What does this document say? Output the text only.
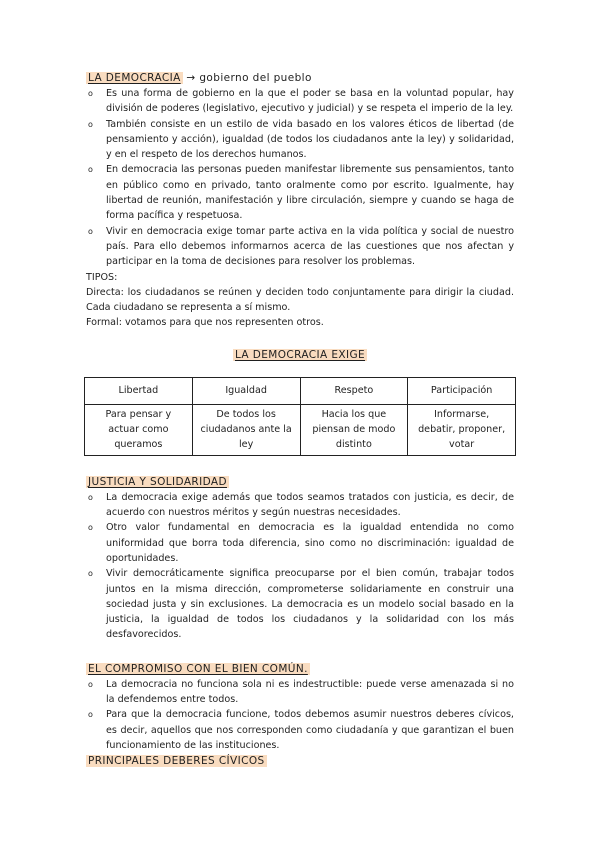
LA DEMOCRACIA → gobierno del pueblo

o Es una forma de gobierno en la que el poder se basa en la voluntad popular, hay división de poderes (legislativo, ejecutivo y judicial) y se respeta el imperio de la ley.
o También consiste en un estilo de vida basado en los valores éticos de libertad (de pensamiento y acción), igualdad (de todos los ciudadanos ante la ley) y solidaridad, y en el respeto de los derechos humanos.
o En democracia las personas pueden manifestar libremente sus pensamientos, tanto en público como en privado, tanto oralmente como por escrito. Igualmente, hay libertad de reunión, manifestación y libre circulación, siempre y cuando se haga de forma pacífica y respetuosa.
o Vivir en democracia exige tomar parte activa en la vida política y social de nuestro país. Para ello debemos informarnos acerca de las cuestiones que nos afectan y participar en la toma de decisiones para resolver los problemas.

TIPOS:

Directa: los ciudadanos se reúnen y deciden todo conjuntamente para dirigir la ciudad. Cada ciudadano se representa a sí mismo.

Formal: votamos para que nos representen otros.

LA DEMOCRACIA EXIGE

Libertad	Igualdad	Respeto	Participación
Para pensar y actuar como queramos	De todos los ciudadanos ante la ley	Hacia los que piensan de modo distinto	Informarse, debatir, proponer, votar

JUSTICIA Y SOLIDARIDAD

o La democracia exige además que todos seamos tratados con justicia, es decir, de acuerdo con nuestros méritos y según nuestras necesidades.
o Otro valor fundamental en democracia es la igualdad entendida no como uniformidad que borra toda diferencia, sino como no discriminación: igualdad de oportunidades.
o Vivir democráticamente significa preocuparse por el bien común, trabajar todos juntos en la misma dirección, comprometerse solidariamente en construir una sociedad justa y sin exclusiones. La democracia es un modelo social basado en la justicia, la igualdad de todos los ciudadanos y la solidaridad con los más desfavorecidos.

EL COMPROMISO CON EL BIEN COMÚN.

o La democracia no funciona sola ni es indestructible: puede verse amenazada si no la defendemos entre todos.
o Para que la democracia funcione, todos debemos asumir nuestros deberes cívicos, es decir, aquellos que nos corresponden como ciudadanía y que garantizan el buen funcionamiento de las instituciones.

PRINCIPALES DEBERES CÍVICOS
